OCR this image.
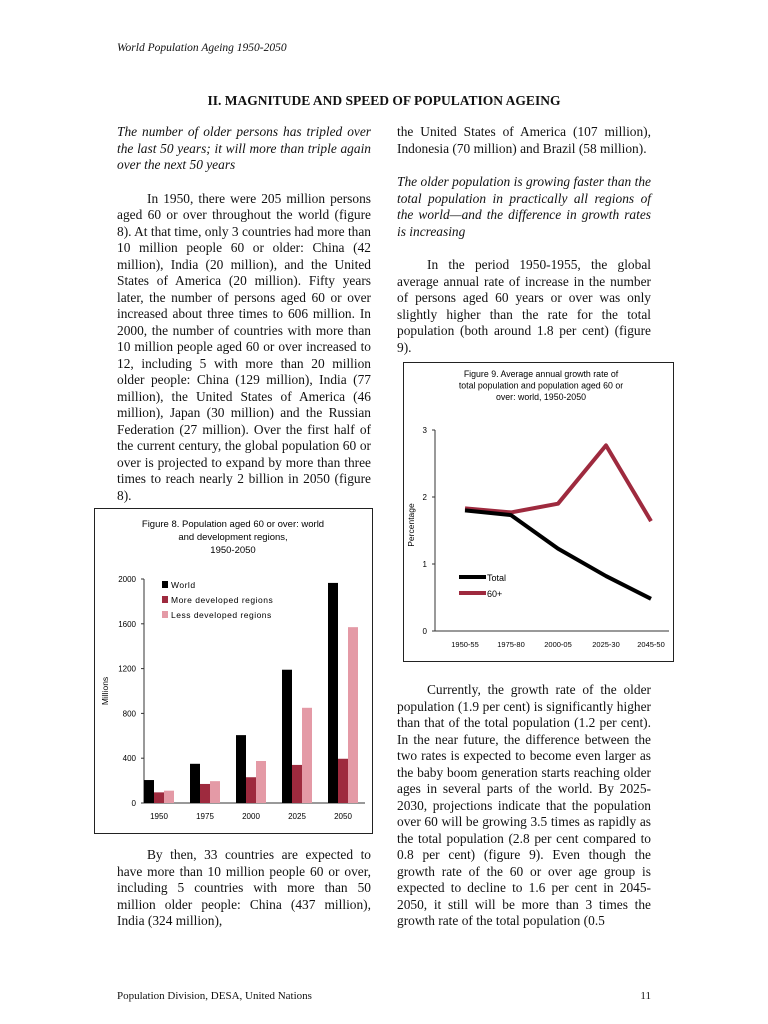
World Population Ageing 1950-2050
II. MAGNITUDE AND SPEED OF POPULATION AGEING

The number of older persons has tripled over the last 50 years; it will more than triple again over the next 50 years

In 1950, there were 205 million persons aged 60 or over throughout the world (figure 8). At that time, only 3 countries had more than 10 million people 60 or older: China (42 million), India (20 million), and the United States of America (20 million). Fifty years later, the number of persons aged 60 or over increased about three times to 606 million. In 2000, the number of countries with more than 10 million people aged 60 or over increased to 12, including 5 with more than 20 million older people: China (129 million), India (77 million), the United States of America (46 million), Japan (30 million) and the Russian Federation (27 million). Over the first half of the current century, the global population 60 or over is projected to expand by more than three times to reach nearly 2 billion in 2050 (figure 8).

Figure 8. Population aged 60 or over: world
and development regions,
1950-2050
0
400
800
1200
1600
2000
Millions
1950	1975	2000	2025	2050
World
More developed regions
Less developed regions

By then, 33 countries are expected to have more than 10 million people 60 or over, including 5 countries with more than 50 million older people: China (437 million), India (324 million),

the United States of America (107 million), Indonesia (70 million) and Brazil (58 million).

The older population is growing faster than the total population in practically all regions of the world—and the difference in growth rates is increasing

In the period 1950-1955, the global average annual rate of increase in the number of persons aged 60 years or over was only slightly higher than the rate for the total population (both around 1.8 per cent) (figure 9).

Figure 9. Average annual growth rate of
total population and population aged 60 or
over: world, 1950-2050
0
1
2
3
Percentage
1950-55 1975-80	2000-05	2025-30 2045-50
Total
60+

Currently, the growth rate of the older population (1.9 per cent) is significantly higher than that of the total population (1.2 per cent). In the near future, the difference between the two rates is expected to become even larger as the baby boom generation starts reaching older ages in several parts of the world. By 2025-2030, projections indicate that the population over 60 will be growing 3.5 times as rapidly as the total population (2.8 per cent compared to 0.8 per cent) (figure 9). Even though the growth rate of the 60 or over age group is expected to decline to 1.6 per cent in 2045-2050, it still will be more than 3 times the growth rate of the total population (0.5

Population Division, DESA, United Nations	11
